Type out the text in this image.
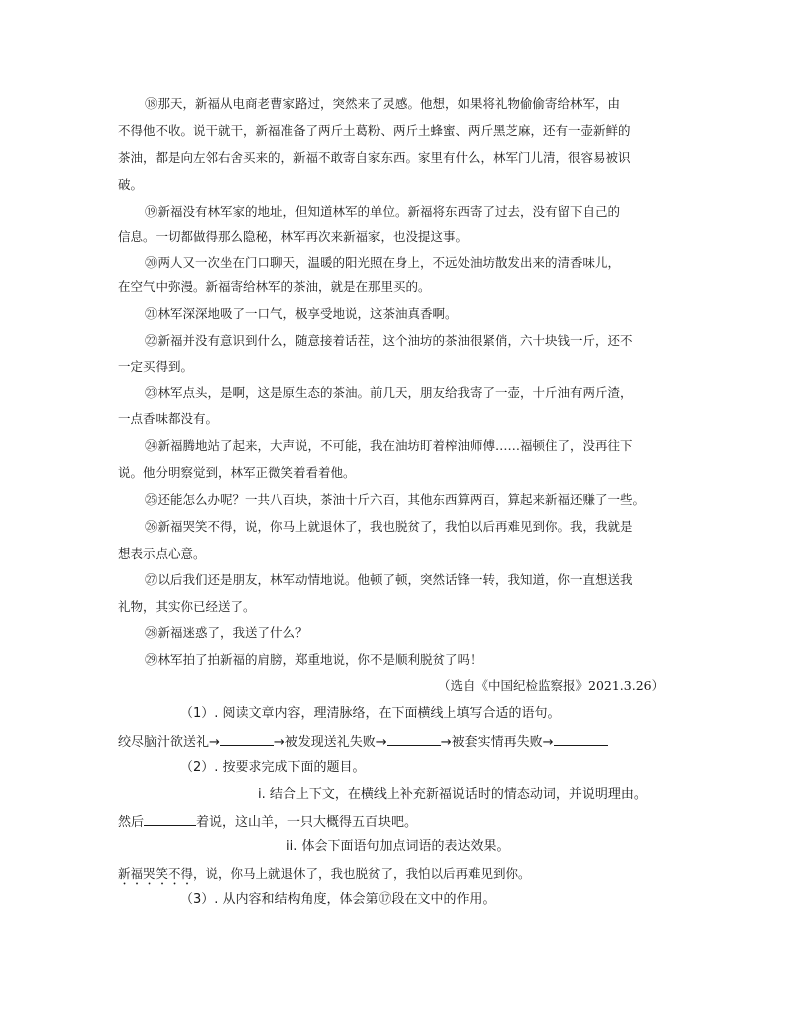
⑱那天，新福从电商老曹家路过，突然来了灵感。他想，如果将礼物偷偷寄给林军，由
不得他不收。说干就干，新福准备了两斤土葛粉、两斤土蜂蜜、两斤黑芝麻，还有一壶新鲜的
茶油，都是向左邻右舍买来的，新福不敢寄自家东西。家里有什么，林军门儿清，很容易被识
破。
⑲新福没有林军家的地址，但知道林军的单位。新福将东西寄了过去，没有留下自己的
信息。一切都做得那么隐秘，林军再次来新福家，也没提这事。
⑳两人又一次坐在门口聊天，温暖的阳光照在身上，不远处油坊散发出来的清香味儿，
在空气中弥漫。新福寄给林军的茶油，就是在那里买的。
㉑林军深深地吸了一口气，极享受地说，这茶油真香啊。
㉒新福并没有意识到什么，随意接着话茬，这个油坊的茶油很紧俏，六十块钱一斤，还不
一定买得到。
㉓林军点头，是啊，这是原生态的茶油。前几天，朋友给我寄了一壶，十斤油有两斤渣，
一点香味都没有。
㉔新福腾地站了起来，大声说，不可能，我在油坊盯着榨油师傅……福顿住了，没再往下
说。他分明察觉到，林军正微笑着看着他。
㉕还能怎么办呢？一共八百块，茶油十斤六百，其他东西算两百，算起来新福还赚了一些。
㉖新福哭笑不得，说，你马上就退休了，我也脱贫了，我怕以后再难见到你。我，我就是
想表示点心意。
㉗以后我们还是朋友，林军动情地说。他顿了顿，突然话锋一转，我知道，你一直想送我
礼物，其实你已经送了。
㉘新福迷惑了，我送了什么？
㉙林军拍了拍新福的肩膀，郑重地说，你不是顺利脱贫了吗！
（选自《中国纪检监察报》2021.3.26）
（1）. 阅读文章内容，理清脉络，在下面横线上填写合适的语句。
绞尽脑汁欲送礼→	→被发现送礼失败→	→被套实情再失败→
（2）. 按要求完成下面的题目。
i. 结合上下文，在横线上补充新福说话时的情态动词，并说明理由。
然后	着说，这山羊，一只大概得五百块吧。
ii. 体会下面语句加点词语的表达效果。
新福哭笑不得，说，你马上就退休了，我也脱贫了，我怕以后再难见到你。
（3）. 从内容和结构角度，体会第⑰段在文中的作用。
